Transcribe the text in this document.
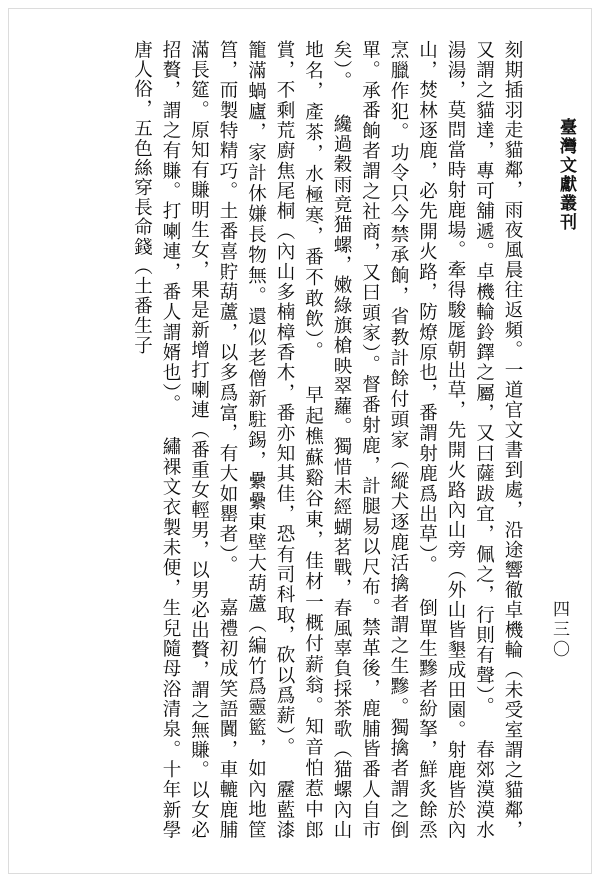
臺灣文獻叢刊
四三〇
刻期插羽走貓鄰，雨夜風晨往返頻。一道官文書到處，沿途響徹卓機輪（未受室謂之貓鄰，又謂之貓達，專可舖遞。卓機輪鈴鐸之屬，又曰薩跋宜，佩之，行則有聲）。 春郊漠漠水湯湯，莫問當時射鹿場。牽得駿厖朝出草，先開火路內山旁（外山皆墾成田園。射鹿皆於內山，焚林逐鹿，必先開火路，防燎原也，番謂射鹿爲出草）。 倒單生黲者紛拏，鮮炙餘烝烹臘作犯。功令只今禁承餉，省教計餘付頭家（縱犬逐鹿活擒者謂之生黲。獨擒者謂之倒單。承番餉者謂之社商，又曰頭家）。督番射鹿，計腿易以尺布。禁革後，鹿脯皆番人自市矣）。 纔過穀雨竟猫螺，嫩綠旗槍映翠蘿。獨惜未經蝴茗戰，春風辜負採茶歌（猫螺內山地名，產茶，水極寒，番不敢飲）。 早起樵蘇谿谷東，佳材一概付薪翁。知音怕惹中郎賞，不剩荒廚焦尾桐（內山多楠樟香木，番亦知其佳，恐有司科取，砍以爲薪）。 靂藍漆籠滿蝸廬，家計休嫌長物無。還似老僧新駐錫，纍纍東壁大葫蘆（編竹爲靈籃，如內地筐筥，而製特精巧。土番喜貯葫蘆，以多爲富，有大如罌者）。 嘉禮初成笑語闐，車轆鹿脯滿長筵。原知有賺明生女，果是新增打喇連（番重女輕男，以男必出贅，謂之無賺。以女必招贅，謂之有賺。打喇連，番人謂婿也）。 繡裸文衣製未便，生兒隨母浴清泉。十年新學唐人俗，五色絲穿長命錢（土番生子
